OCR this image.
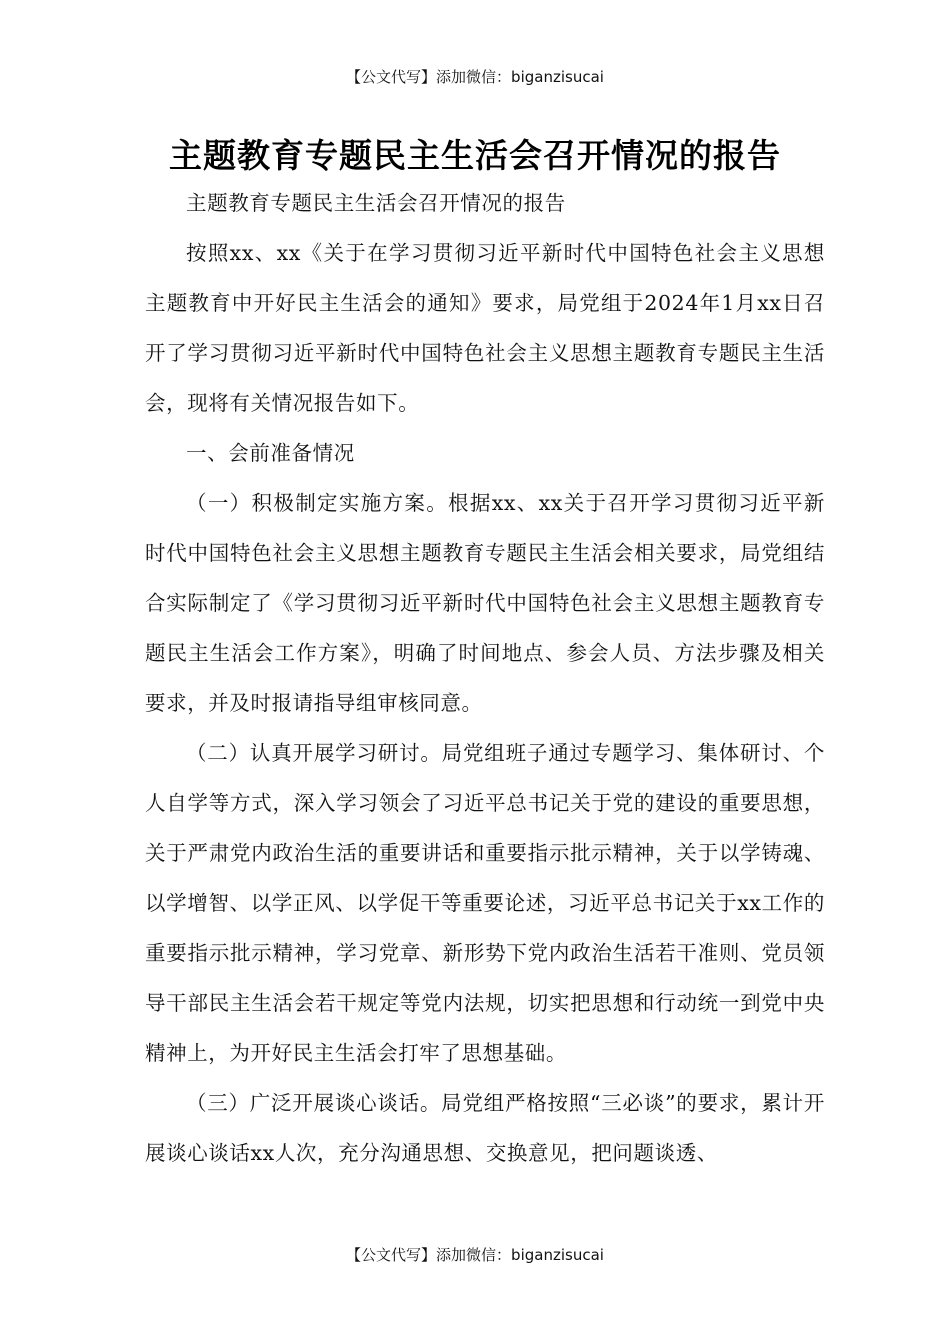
【公文代写】添加微信：biganzisucai
主题教育专题民主生活会召开情况的报告

主题教育专题民主生活会召开情况的报告

按照xx、xx《关于在学习贯彻习近平新时代中国特色社会主义思想主题教育中开好民主生活会的通知》要求，局党组于2024年1月xx日召开了学习贯彻习近平新时代中国特色社会主义思想主题教育专题民主生活会，现将有关情况报告如下。

一、会前准备情况

（一）积极制定实施方案。根据xx、xx关于召开学习贯彻习近平新时代中国特色社会主义思想主题教育专题民主生活会相关要求，局党组结合实际制定了《学习贯彻习近平新时代中国特色社会主义思想主题教育专题民主生活会工作方案》，明确了时间地点、参会人员、方法步骤及相关要求，并及时报请指导组审核同意。

（二）认真开展学习研讨。局党组班子通过专题学习、集体研讨、个人自学等方式，深入学习领会了习近平总书记关于党的建设的重要思想，关于严肃党内政治生活的重要讲话和重要指示批示精神，关于以学铸魂、以学增智、以学正风、以学促干等重要论述，习近平总书记关于xx工作的重要指示批示精神，学习党章、新形势下党内政治生活若干准则、党员领导干部民主生活会若干规定等党内法规，切实把思想和行动统一到党中央精神上，为开好民主生活会打牢了思想基础。

（三）广泛开展谈心谈话。局党组严格按照“三必谈”的要求，累计开展谈心谈话xx人次，充分沟通思想、交换意见，把问题谈透、

【公文代写】添加微信：biganzisucai
